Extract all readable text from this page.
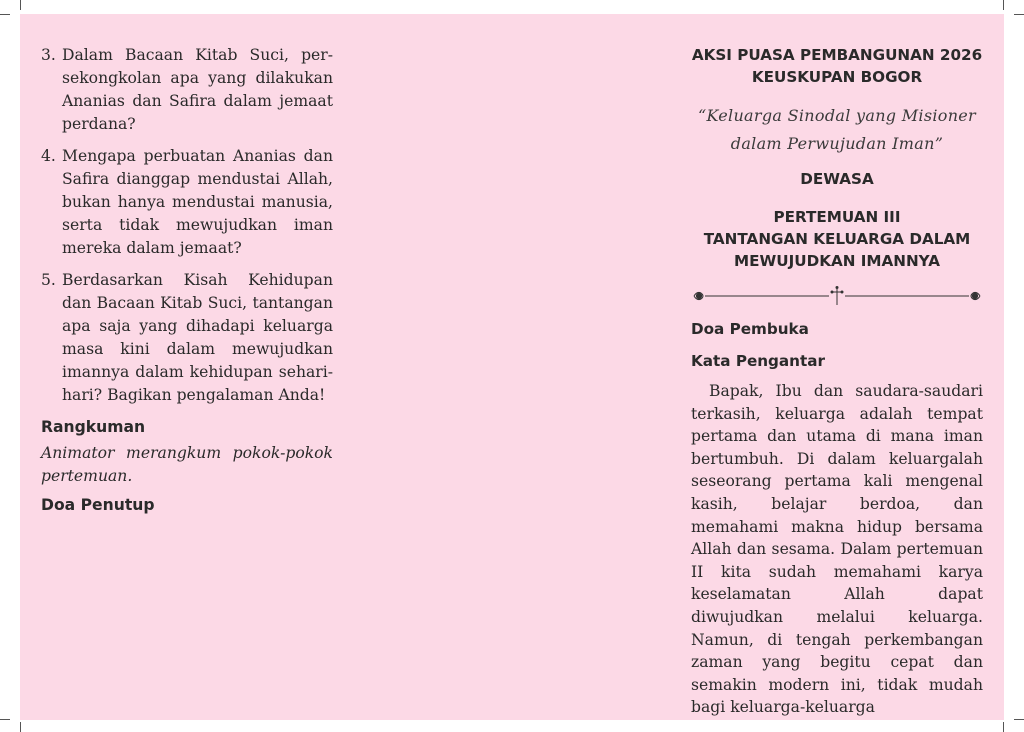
3. Dalam Bacaan Kitab Suci, per-sekongkolan apa yang dilakukan Ananias dan Safira dalam jemaat perdana?
4. Mengapa perbuatan Ananias dan Safira dianggap mendustai Allah, bukan hanya mendustai manusia, serta tidak mewujudkan iman mereka dalam jemaat?
5. Berdasarkan Kisah Kehidupan dan Bacaan Kitab Suci, tantangan apa saja yang dihadapi keluarga masa kini dalam mewujudkan imannya dalam kehidupan sehari-hari? Bagikan pengalaman Anda!

Rangkuman

Animator merangkum pokok-pokok pertemuan.

Doa Penutup

AKSI PUASA PEMBANGUNAN 2026
KEUSKUPAN BOGOR

“Keluarga Sinodal yang Misioner
dalam Perwujudan Iman”

DEWASA

PERTEMUAN III
TANTANGAN KELUARGA DALAM
MEWUJUDKAN IMANNYA

Doa Pembuka

Kata Pengantar

Bapak, Ibu dan saudara-saudari terkasih, keluarga adalah tempat pertama dan utama di mana iman bertumbuh. Di dalam keluargalah seseorang pertama kali mengenal kasih, belajar berdoa, dan memahami makna hidup bersama Allah dan sesama. Dalam pertemuan II kita sudah memahami karya keselamatan Allah dapat diwujudkan melalui keluarga. Namun, di tengah perkembangan zaman yang begitu cepat dan semakin modern ini, tidak mudah bagi keluarga-keluarga
